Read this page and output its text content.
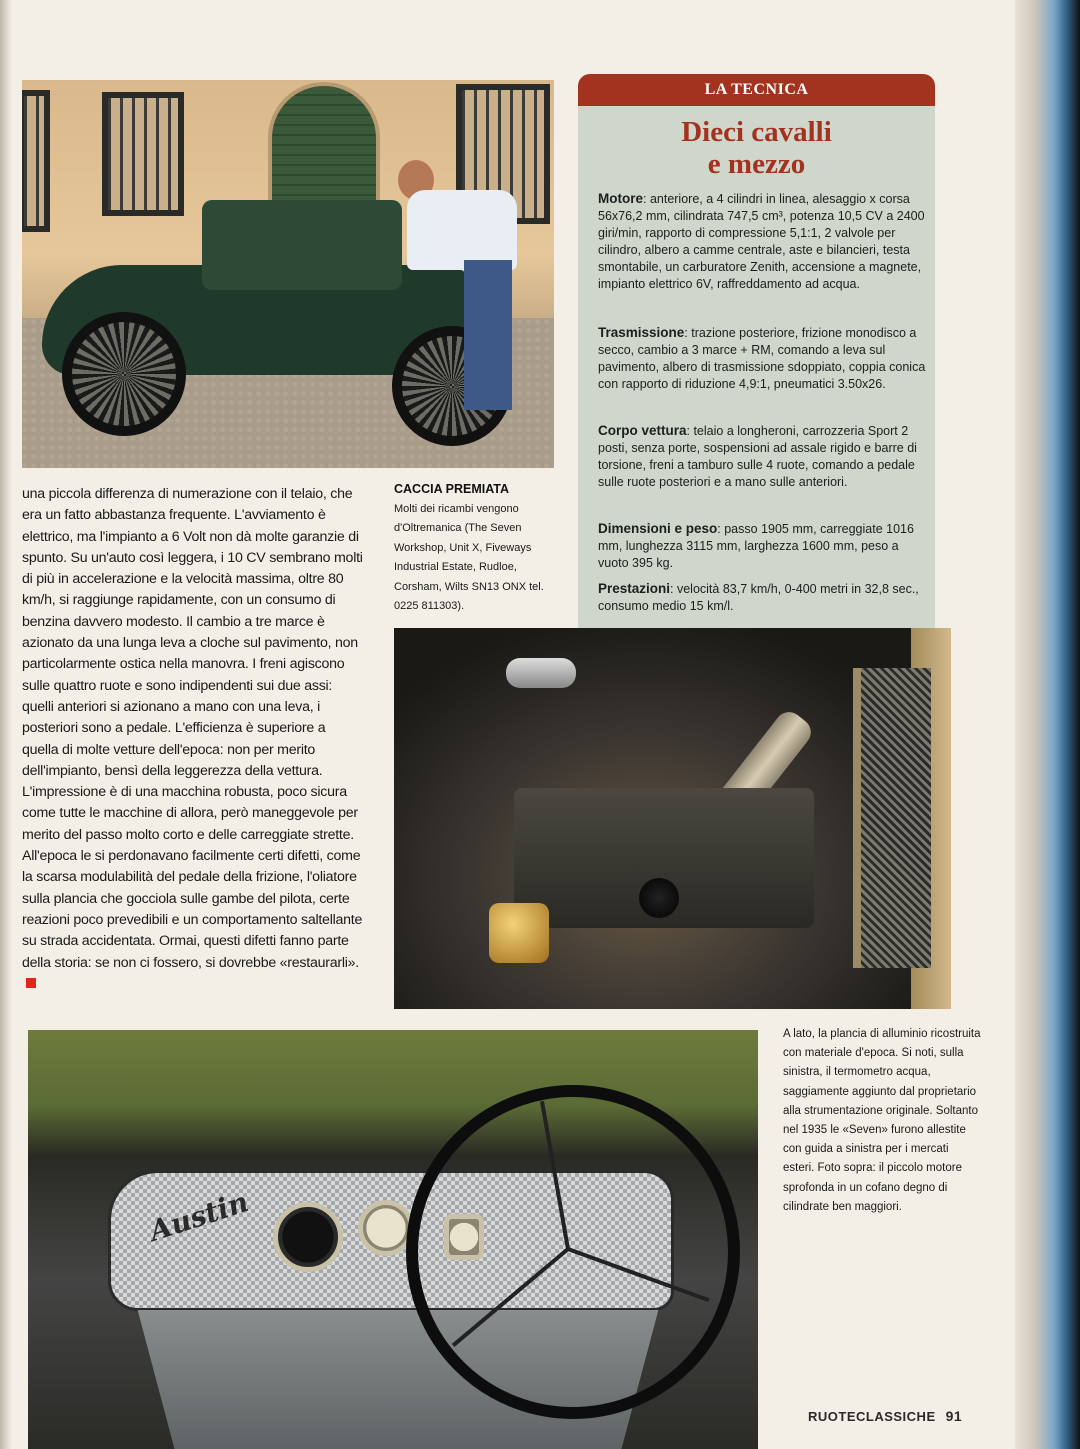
LA TECNICA
Dieci cavalli
e mezzo
Motore: anteriore, a 4 cilindri in linea, alesaggio x corsa 56x76,2 mm, cilindrata 747,5 cm³, potenza 10,5 CV a 2400 giri/min, rapporto di compressione 5,1:1, 2 valvole per cilindro, albero a camme centrale, aste e bilancieri, testa smontabile, un carburatore Zenith, accensione a magnete, impianto elettrico 6V, raffreddamento ad acqua.
Trasmissione: trazione posteriore, frizione monodisco a secco, cambio a 3 marce + RM, comando a leva sul pavimento, albero di trasmissione sdoppiato, coppia conica con rapporto di riduzione 4,9:1, pneumatici 3.50x26.
Corpo vettura: telaio a longheroni, carrozzeria Sport 2 posti, senza porte, sospensioni ad assale rigido e barre di torsione, freni a tamburo sulle 4 ruote, comando a pedale sulle ruote posteriori e a mano sulle anteriori.
Dimensioni e peso: passo 1905 mm, carreggiate 1016 mm, lunghezza 3115 mm, larghezza 1600 mm, peso a vuoto 395 kg.
Prestazioni: velocità 83,7 km/h, 0-400 metri in 32,8 sec., consumo medio 15 km/l.

una piccola differenza di numerazione con il telaio, che era un fatto abbastanza frequente. L'avviamento è elettrico, ma l'impianto a 6 Volt non dà molte garanzie di spunto. Su un'auto così leggera, i 10 CV sembrano molti di più in accelerazione e la velocità massima, oltre 80 km/h, si raggiunge rapidamente, con un consumo di benzina davvero modesto. Il cambio a tre marce è azionato da una lunga leva a cloche sul pavimento, non particolarmente ostica nella manovra. I freni agiscono sulle quattro ruote e sono indipendenti sui due assi: quelli anteriori si azionano a mano con una leva, i posteriori sono a pedale. L'efficienza è superiore a quella di molte vetture dell'epoca: non per merito dell'impianto, bensì della leggerezza della vettura. L'impressione è di una macchina robusta, poco sicura come tutte le macchine di allora, però maneggevole per merito del passo molto corto e delle carreggiate strette. All'epoca le si perdonavano facilmente certi difetti, come la scarsa modulabilità del pedale della frizione, l'oliatore sulla plancia che gocciola sulle gambe del pilota, certe reazioni poco prevedibili e un comportamento saltellante su strada accidentata. Ormai, questi difetti fanno parte della storia: se non ci fossero, si dovrebbe «restaurarli».

CACCIA PREMIATA
Molti dei ricambi vengono d'Oltremanica (The Seven Workshop, Unit X, Fiveways Industrial Estate, Rudloe, Corsham, Wilts SN13 ONX tel. 0225 811303).
Austin
A lato, la plancia di alluminio ricostruita con materiale d'epoca. Si noti, sulla sinistra, il termometro acqua, saggiamente aggiunto dal proprietario alla strumentazione originale. Soltanto nel 1935 le «Seven» furono allestite con guida a sinistra per i mercati esteri. Foto sopra: il piccolo motore sprofonda in un cofano degno di cilindrate ben maggiori.
RUOTECLASSICHE 91
